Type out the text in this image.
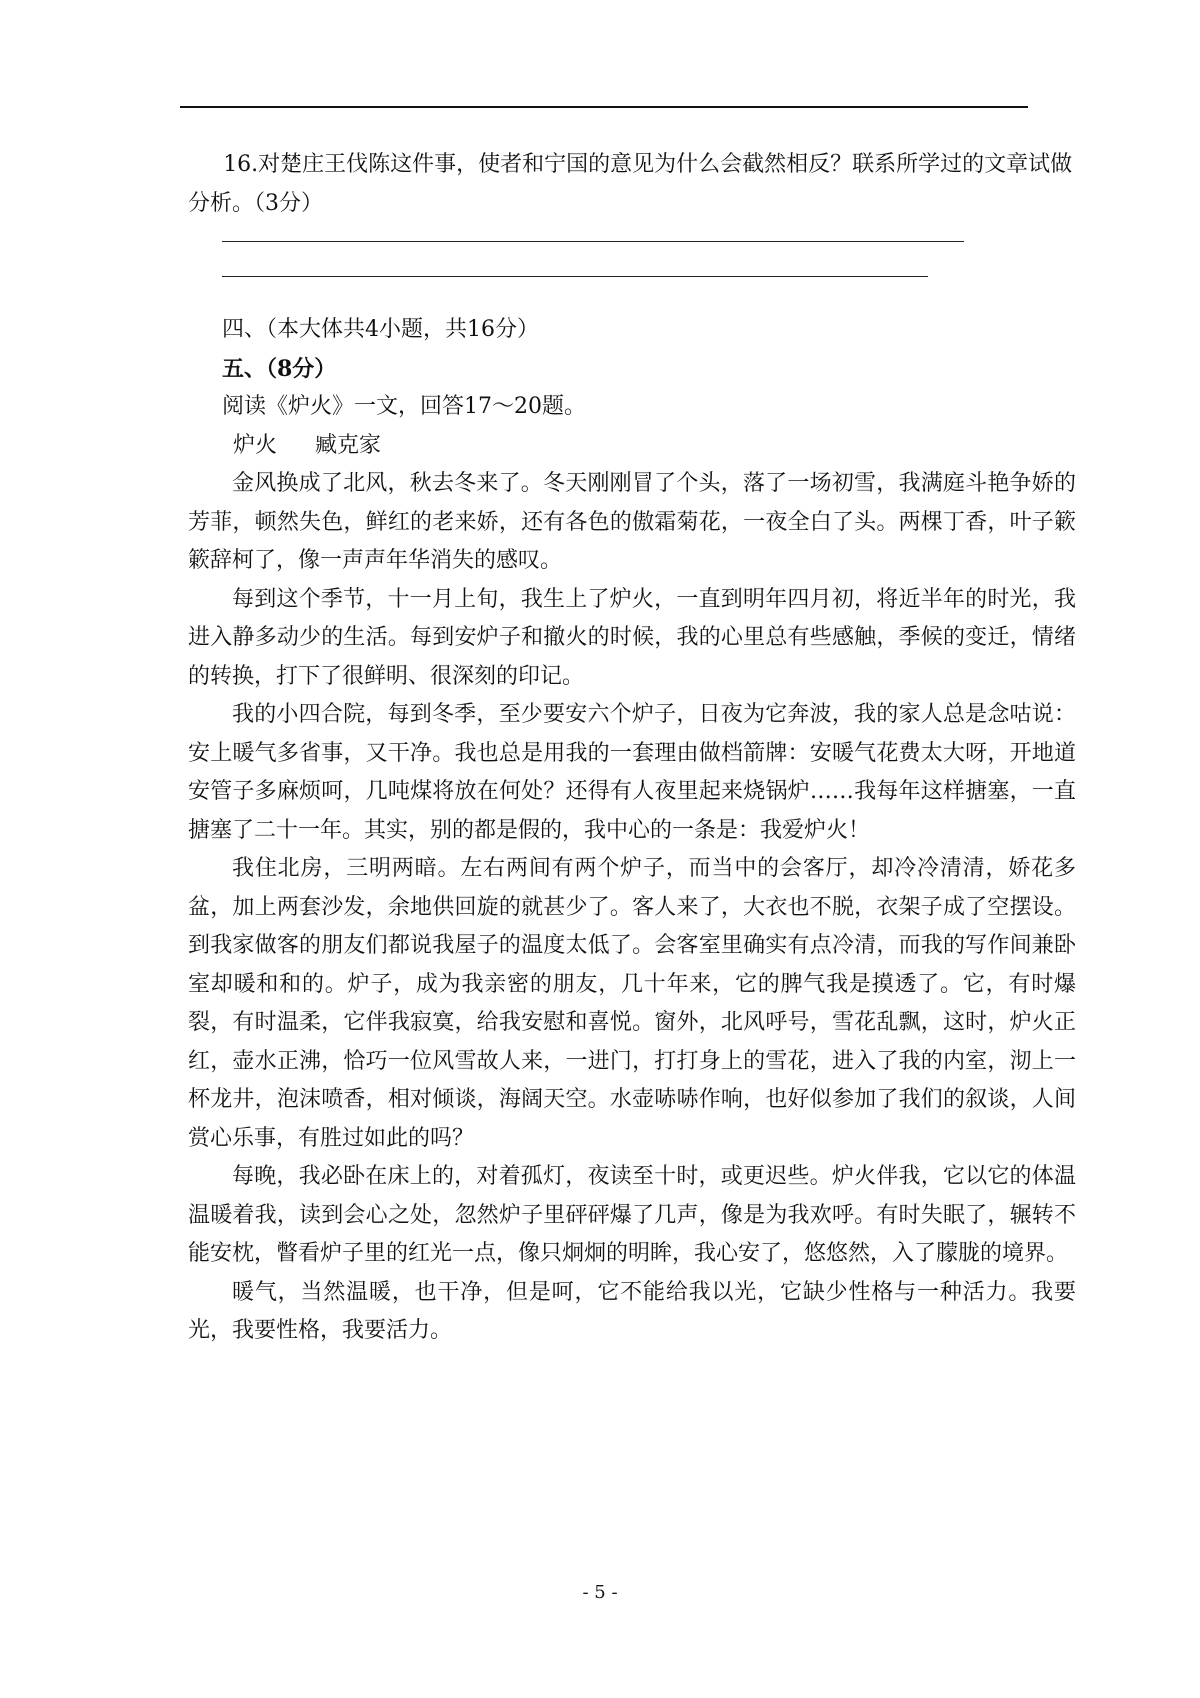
16.对楚庄王伐陈这件事，使者和宁国的意见为什么会截然相反？联系所学过的文章试做分析。（3分）

四、（本大体共4小题，共16分）

五、（8分）

阅读《炉火》一文，回答17～20题。

炉火 臧克家

金风换成了北风，秋去冬来了。冬天刚刚冒了个头，落了一场初雪，我满庭斗艳争娇的芳菲，顿然失色，鲜红的老来娇，还有各色的傲霜菊花，一夜全白了头。两棵丁香，叶子簌簌辞柯了，像一声声年华消失的感叹。

每到这个季节，十一月上旬，我生上了炉火，一直到明年四月初，将近半年的时光，我进入静多动少的生活。每到安炉子和撤火的时候，我的心里总有些感触，季候的变迁，情绪的转换，打下了很鲜明、很深刻的印记。

我的小四合院，每到冬季，至少要安六个炉子，日夜为它奔波，我的家人总是念咕说：安上暖气多省事，又干净。我也总是用我的一套理由做档箭牌：安暖气花费太大呀，开地道安管子多麻烦呵，几吨煤将放在何处？还得有人夜里起来烧锅炉……我每年这样搪塞，一直搪塞了二十一年。其实，别的都是假的，我中心的一条是：我爱炉火！

我住北房，三明两暗。左右两间有两个炉子，而当中的会客厅，却冷冷清清，娇花多盆，加上两套沙发，余地供回旋的就甚少了。客人来了，大衣也不脱，衣架子成了空摆设。到我家做客的朋友们都说我屋子的温度太低了。会客室里确实有点冷清，而我的写作间兼卧室却暖和和的。炉子，成为我亲密的朋友，几十年来，它的脾气我是摸透了。它，有时爆裂，有时温柔，它伴我寂寞，给我安慰和喜悦。窗外，北风呼号，雪花乱飘，这时，炉火正红，壶水正沸，恰巧一位风雪故人来，一进门，打打身上的雪花，进入了我的内室，沏上一杯龙井，泡沫喷香，相对倾谈，海阔天空。水壶哧哧作响，也好似参加了我们的叙谈，人间赏心乐事，有胜过如此的吗？

每晚，我必卧在床上的，对着孤灯，夜读至十时，或更迟些。炉火伴我，它以它的体温温暖着我，读到会心之处，忽然炉子里砰砰爆了几声，像是为我欢呼。有时失眠了，辗转不能安枕，瞥看炉子里的红光一点，像只炯炯的明眸，我心安了，悠悠然，入了朦胧的境界。

暖气，当然温暖，也干净，但是呵，它不能给我以光，它缺少性格与一种活力。我要光，我要性格，我要活力。

- 5 -
